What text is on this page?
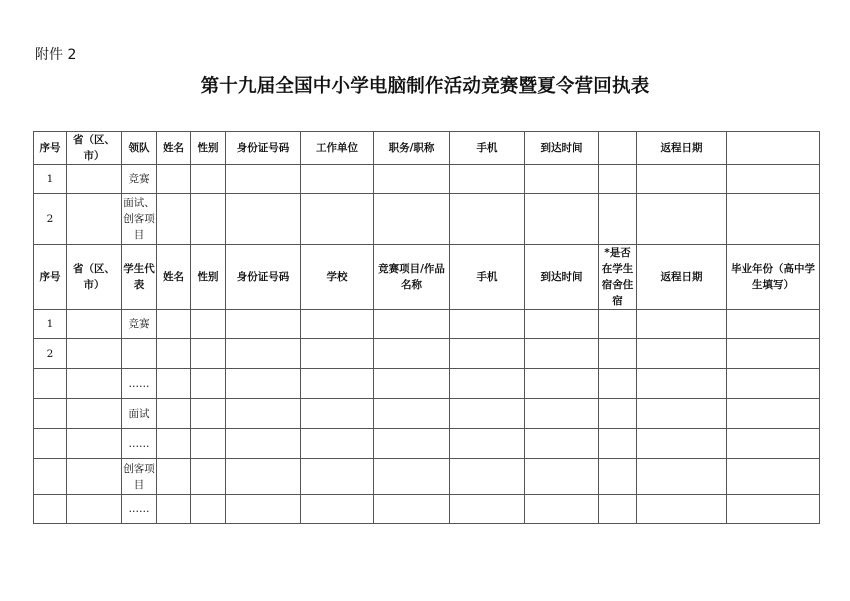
附件 2
第十九届全国中小学电脑制作活动竞赛暨夏令营回执表
序号	省（区、市）	领队	姓名	性别	身份证号码	工作单位	职务/职称	手机	到达时间		返程日期	
1		竞赛										
2		面试、创客项目										
序号	省（区、市）	学生代表	姓名	性别	身份证号码	学校	竞赛项目/作品名称	手机	到达时间	*是否在学生宿舍住宿	返程日期	毕业年份（高中学生填写）
1		竞赛										
2												
		……										
		面试										
		……										
		创客项目										
		……										
